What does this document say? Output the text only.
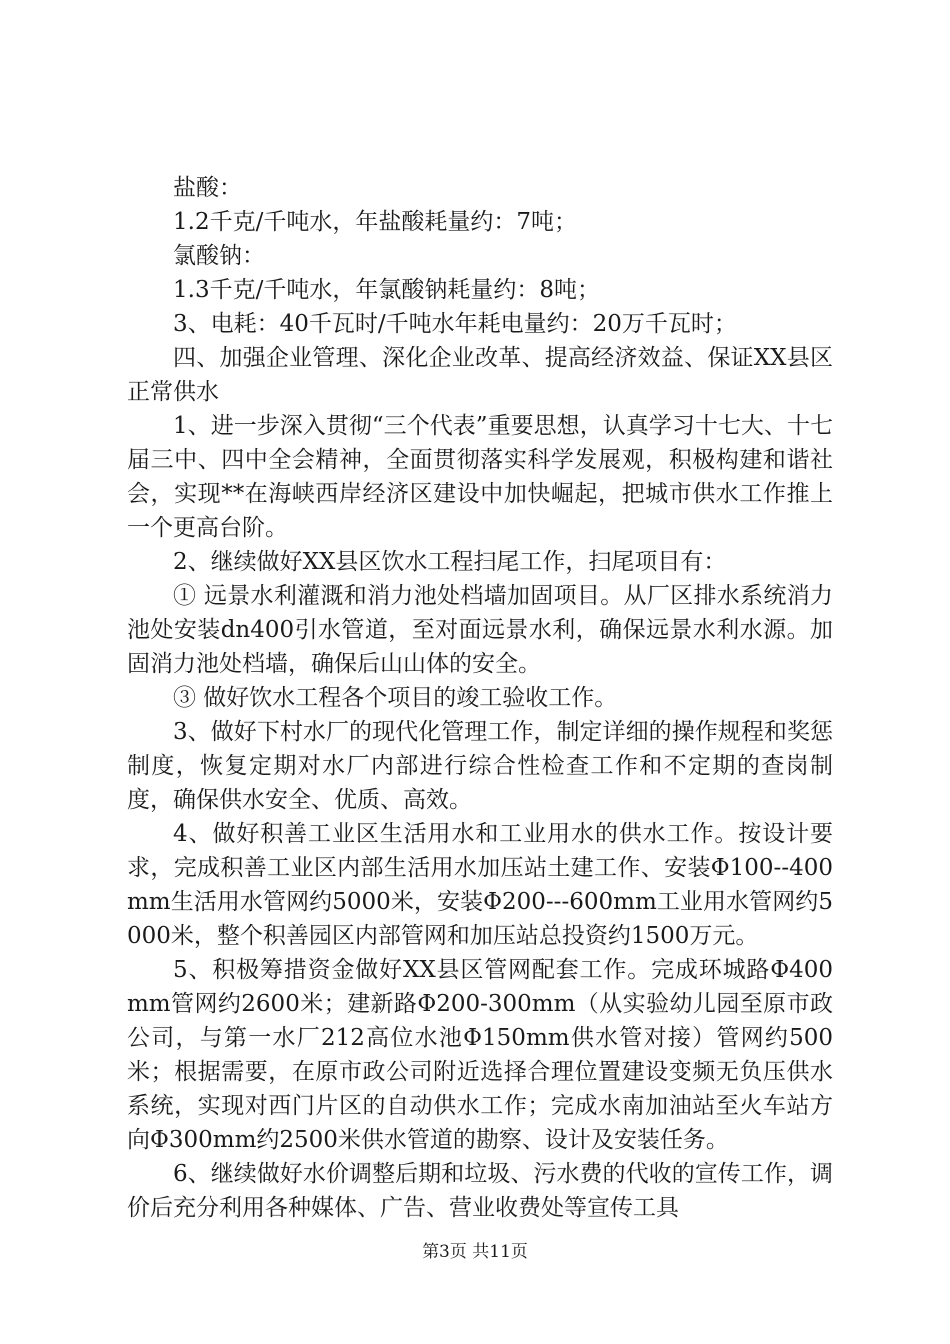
盐酸：

1.2千克/千吨水，年盐酸耗量约：7吨；

氯酸钠：

1.3千克/千吨水，年氯酸钠耗量约：8吨；

3、电耗：40千瓦时/千吨水年耗电量约：20万千瓦时；

四、加强企业管理、深化企业改革、提高经济效益、保证XX县区正常供水

1、进一步深入贯彻“三个代表”重要思想，认真学习十七大、十七届三中、四中全会精神，全面贯彻落实科学发展观，积极构建和谐社会，实现**在海峡西岸经济区建设中加快崛起，把城市供水工作推上一个更高台阶。

2、继续做好XX县区饮水工程扫尾工作，扫尾项目有：

① 远景水利灌溉和消力池处档墙加固项目。从厂区排水系统消力池处安装dn400引水管道，至对面远景水利，确保远景水利水源。加固消力池处档墙，确保后山山体的安全。

③ 做好饮水工程各个项目的竣工验收工作。

3、做好下村水厂的现代化管理工作，制定详细的操作规程和奖惩制度，恢复定期对水厂内部进行综合性检查工作和不定期的查岗制度，确保供水安全、优质、高效。

4、做好积善工业区生活用水和工业用水的供水工作。按设计要求，完成积善工业区内部生活用水加压站土建工作、安装Φ100--400mm生活用水管网约5000米，安装Φ200---600mm工业用水管网约5000米，整个积善园区内部管网和加压站总投资约1500万元。

5、积极筹措资金做好XX县区管网配套工作。完成环城路Φ400mm管网约2600米；建新路Φ200-300mm（从实验幼儿园至原市政公司，与第一水厂212高位水池Φ150mm供水管对接）管网约500米；根据需要，在原市政公司附近选择合理位置建设变频无负压供水系统，实现对西门片区的自动供水工作；完成水南加油站至火车站方向Φ300mm约2500米供水管道的勘察、设计及安装任务。

6、继续做好水价调整后期和垃圾、污水费的代收的宣传工作，调价后充分利用各种媒体、广告、营业收费处等宣传工具

第3页 共11页
